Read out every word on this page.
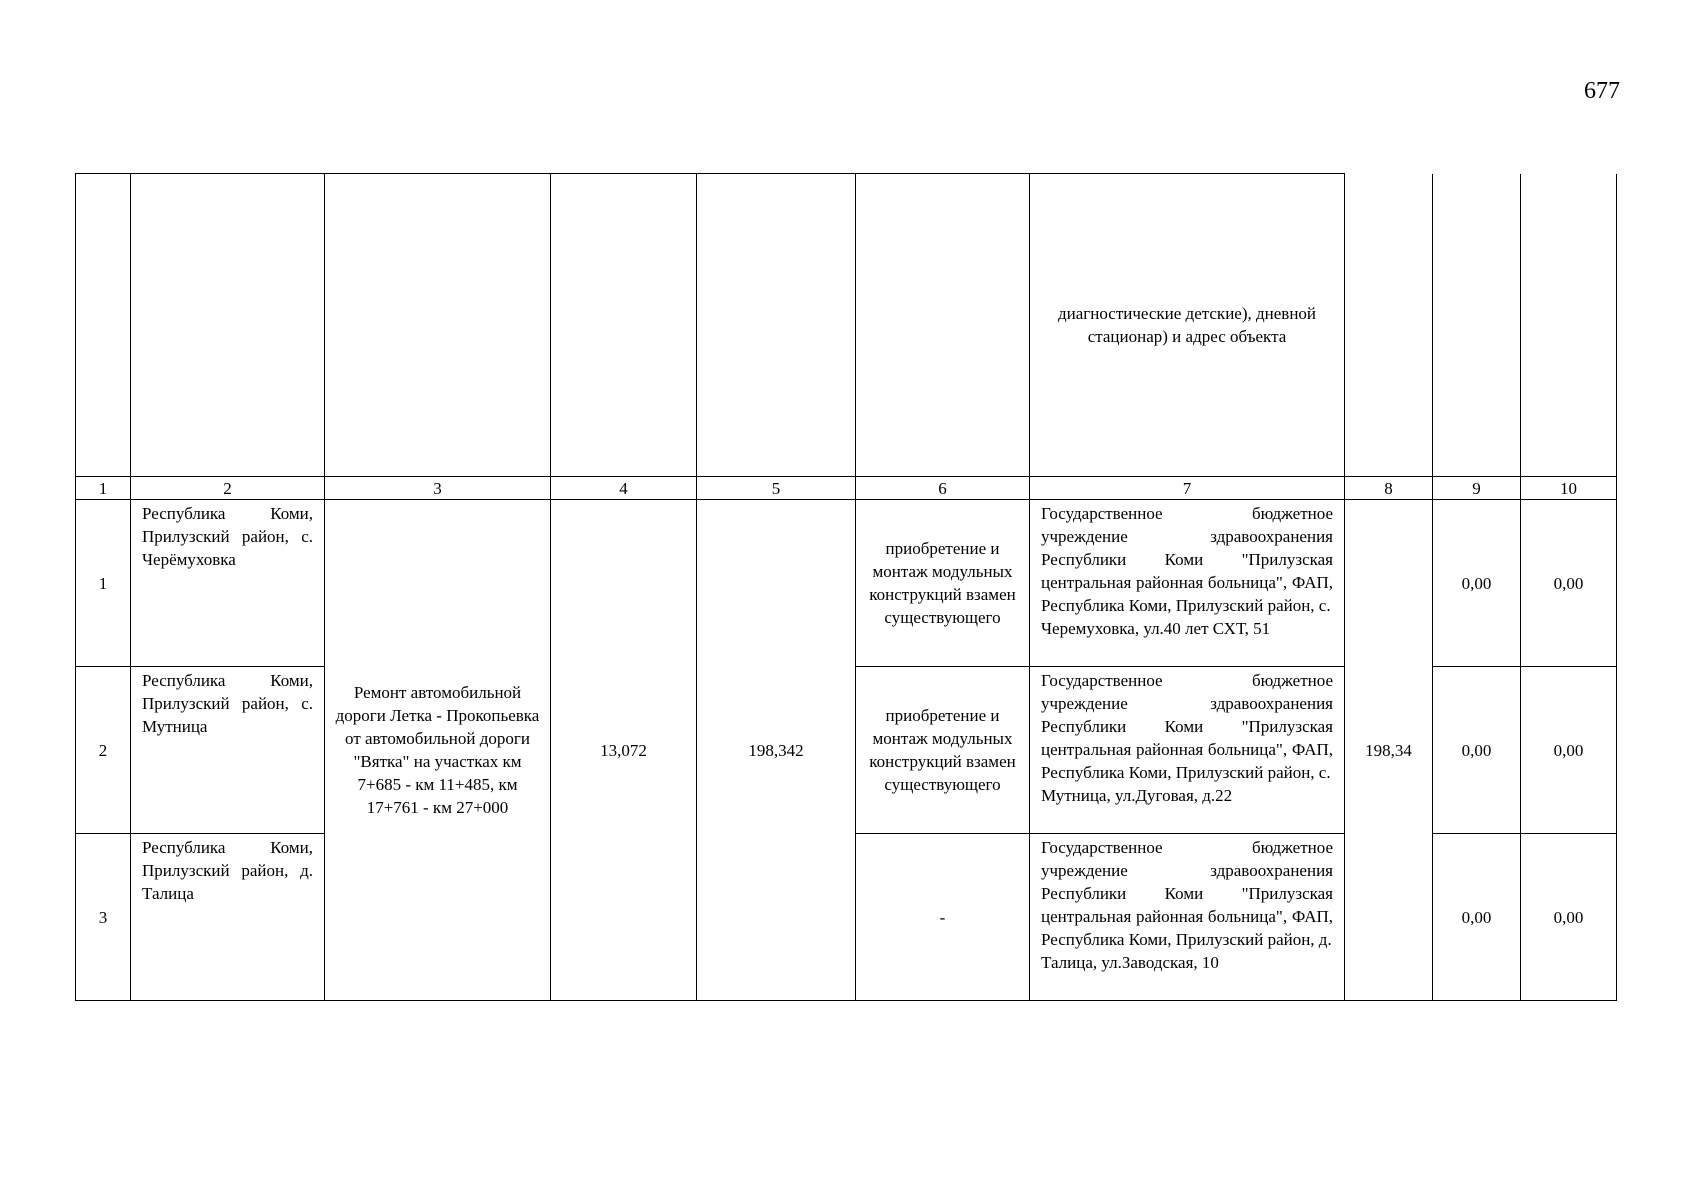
677
						диагностические детские), дневной стационар) и адрес объекта			
1	2	3	4	5	6	7	8	9	10
1	Республика Коми, Прилузский район, с. Черёмуховка	Ремонт автомобильной дороги Летка - Прокопьевка от автомобильной дороги "Вятка" на участках км 7+685 - км 11+485, км 17+761 - км 27+000	13,072	198,342	приобретение и монтаж модульных конструкций взамен существующего	Государственное бюджетное учреждение здравоохранения Республики Коми "Прилузская центральная районная больница", ФАП, Республика Коми, Прилузский район, с.
Черемуховка, ул.40 лет СХТ, 51	198,34	0,00	0,00
2	Республика Коми, Прилузский район, с. Мутница				приобретение и монтаж модульных конструкций взамен существующего	Государственное бюджетное учреждение здравоохранения Республики Коми "Прилузская центральная районная больница", ФАП, Республика Коми, Прилузский район, с.
Мутница, ул.Дуговая, д.22		0,00	0,00
3	Республика Коми, Прилузский район, д. Талица				-	Государственное бюджетное учреждение здравоохранения Республики Коми "Прилузская центральная районная больница", ФАП, Республика Коми, Прилузский район, д.
Талица, ул.Заводская, 10		0,00	0,00
